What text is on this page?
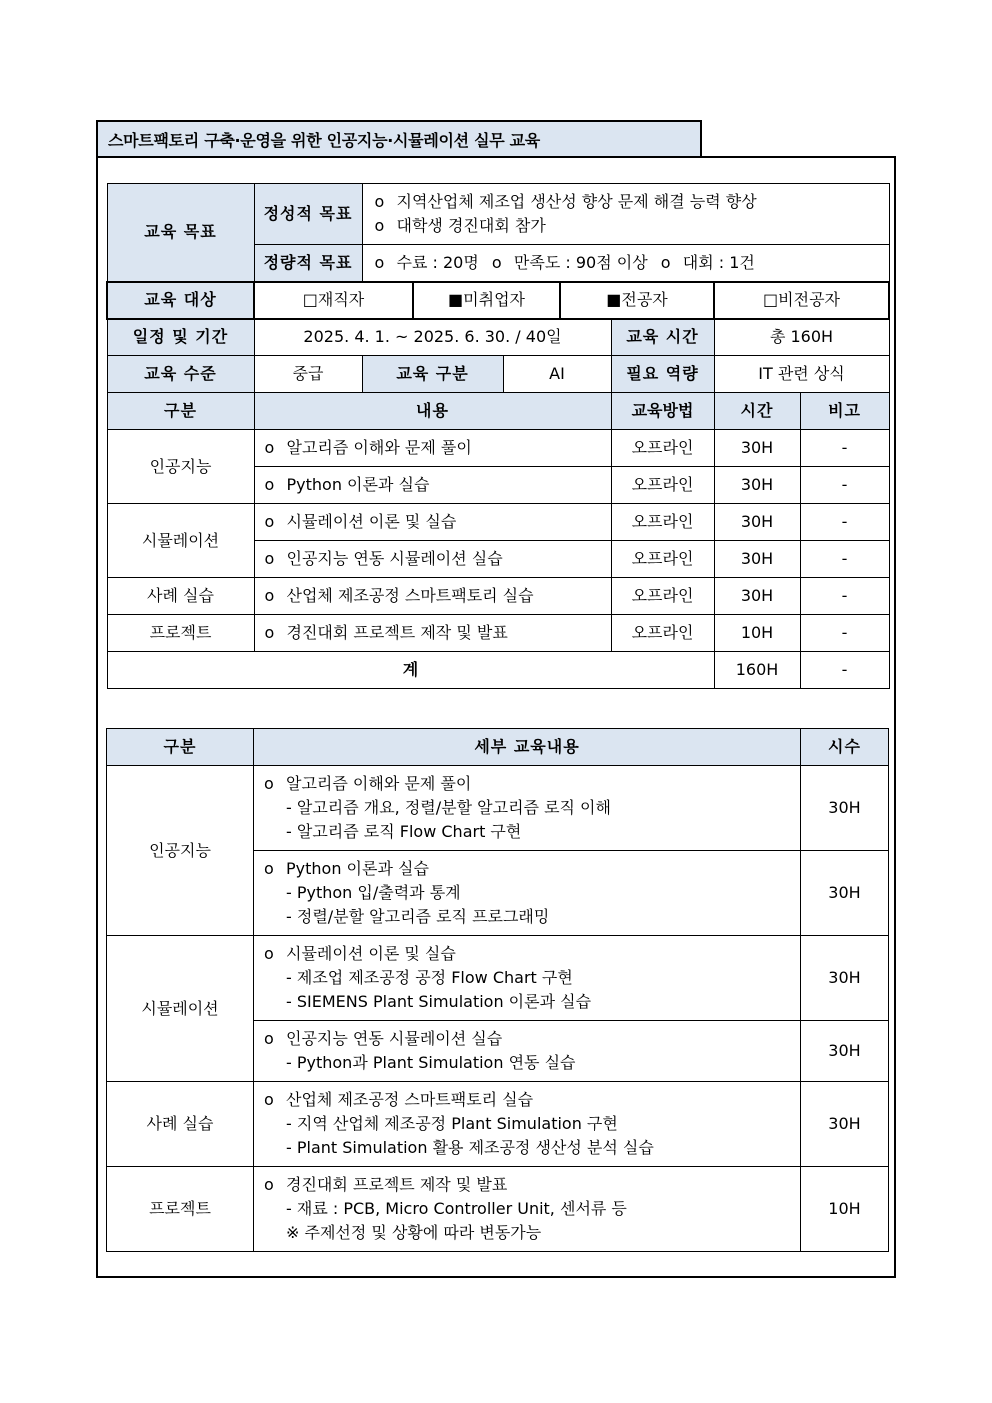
스마트팩토리 구축·운영을 위한 인공지능·시뮬레이션 실무 교육
교육 목표	정성적 목표	o 지역산업체 제조업 생산성 향상 문제 해결 능력 향상
o 대학생 경진대회 참가						

	정량적 목표	o 수료 : 20명 o 만족도 : 90점 이상 o 대회 : 1건						
교육 대상	□재직자		■미취업자		■전공자		□비전공자	
일정 및 기간	2025. 4. 1. ~ 2025. 6. 30. / 40일					교육 시간	총 160H	
교육 수준	중급	교육 구분		AI		필요 역량	IT 관련 상식	
구분	내용					교육방법	시간	비고
인공지능	o 알고리즘 이해와 문제 풀이					오프라인	30H	-
	o Python 이론과 실습					오프라인	30H	-
시뮬레이션	o 시뮬레이션 이론 및 실습					오프라인	30H	-
	o 인공지능 연동 시뮬레이션 실습					오프라인	30H	-
사례 실습	o 산업체 제조공정 스마트팩토리 실습					오프라인	30H	-
프로젝트	o 경진대회 프로젝트 제작 및 발표					오프라인	10H	-
계							160H	-
구분	세부 교육내용	시수
인공지능	o 알고리즘 이해와 문제 풀이
- 알고리즘 개요, 정렬/분할 알고리즘 로직 이해
- 알고리즘 로직 Flow Chart 구현	30H

	o Python 이론과 실습
- Python 입/출력과 통계
- 정렬/분할 알고리즘 로직 프로그래밍	30H
시뮬레이션	o 시뮬레이션 이론 및 실습
- 제조업 제조공정 공정 Flow Chart 구현
- SIEMENS Plant Simulation 이론과 실습	30H

	o 인공지능 연동 시뮬레이션 실습
- Python과 Plant Simulation 연동 실습	30H
사례 실습	o 산업체 제조공정 스마트팩토리 실습
- 지역 산업체 제조공정 Plant Simulation 구현
- Plant Simulation 활용 제조공정 생산성 분석 실습	30H
프로젝트	o 경진대회 프로젝트 제작 및 발표
- 재료 : PCB, Micro Controller Unit, 센서류 등
※ 주제선정 및 상황에 따라 변동가능	10H
